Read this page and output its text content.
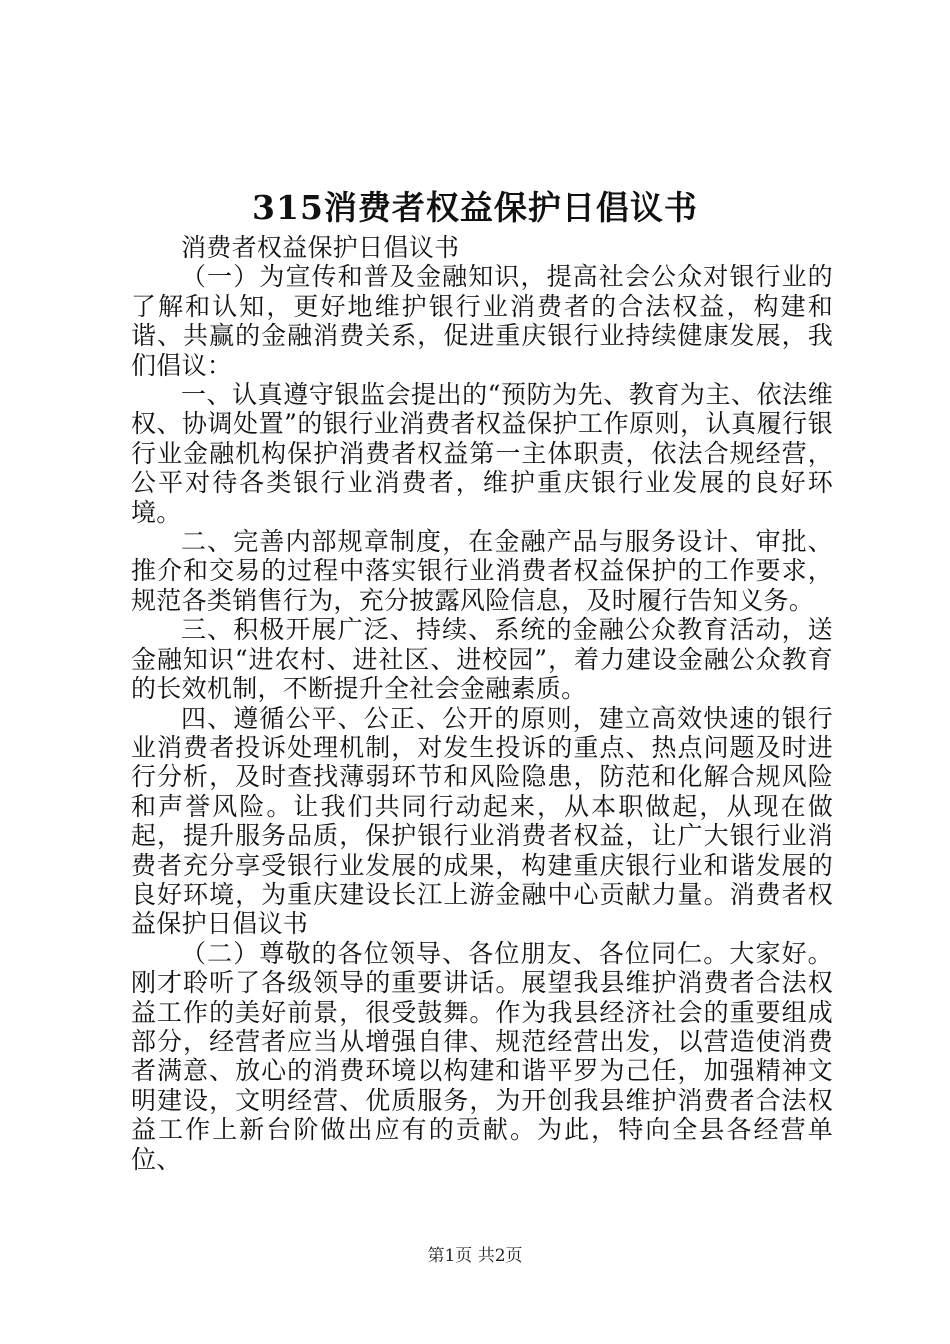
315消费者权益保护日倡议书

消费者权益保护日倡议书

（一）为宣传和普及金融知识，提高社会公众对银行业的了解和认知，更好地维护银行业消费者的合法权益，构建和谐、共赢的金融消费关系，促进重庆银行业持续健康发展，我们倡议：

一、认真遵守银监会提出的“预防为先、教育为主、依法维权、协调处置”的银行业消费者权益保护工作原则，认真履行银行业金融机构保护消费者权益第一主体职责，依法合规经营，公平对待各类银行业消费者，维护重庆银行业发展的良好环境。

二、完善内部规章制度，在金融产品与服务设计、审批、推介和交易的过程中落实银行业消费者权益保护的工作要求，规范各类销售行为，充分披露风险信息，及时履行告知义务。

三、积极开展广泛、持续、系统的金融公众教育活动，送金融知识“进农村、进社区、进校园”，着力建设金融公众教育的长效机制，不断提升全社会金融素质。

四、遵循公平、公正、公开的原则，建立高效快速的银行业消费者投诉处理机制，对发生投诉的重点、热点问题及时进行分析，及时查找薄弱环节和风险隐患，防范和化解合规风险和声誉风险。让我们共同行动起来，从本职做起，从现在做起，提升服务品质，保护银行业消费者权益，让广大银行业消费者充分享受银行业发展的成果，构建重庆银行业和谐发展的良好环境，为重庆建设长江上游金融中心贡献力量。消费者权益保护日倡议书

（二）尊敬的各位领导、各位朋友、各位同仁。大家好。刚才聆听了各级领导的重要讲话。展望我县维护消费者合法权益工作的美好前景，很受鼓舞。作为我县经济社会的重要组成部分，经营者应当从增强自律、规范经营出发，以营造使消费者满意、放心的消费环境以构建和谐平罗为己任，加强精神文明建设，文明经营、优质服务，为开创我县维护消费者合法权益工作上新台阶做出应有的贡献。为此，特向全县各经营单位、

第1页 共2页
